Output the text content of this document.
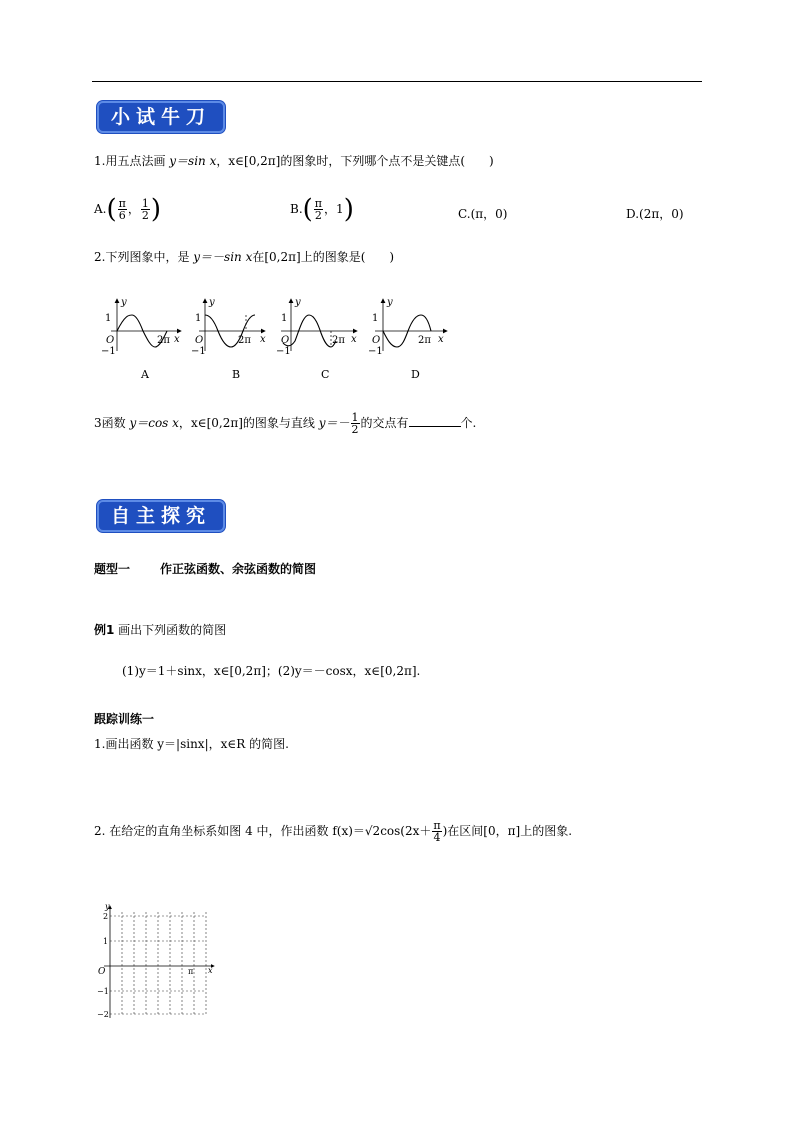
小试牛刀
1.用五点法画 y＝sin x，x∈[0,2π]的图象时，下列哪个点不是关键点(　　)
$A.( \frac{\pi}{6}$ ， $\frac{1}{2}$ )	$B.( \frac{\pi}{2}$ ，1)	C.(π，0)	D.(2π，0)
2.下列图象中，是 y＝－sin x在[0,2π]上的图象是(　　)
y
1
O
−1
2π x
A
y
1
O
−1
2π x
B
y
1
O
−1
2π x
C
y
1
O
−1
2π x
D
3函数 y＝cos x，x∈[0,2π]的图象与直线 $y=- \frac{1}{2}$ 的交点有	个.
自主探究
题型一	作正弦函数、余弦函数的简图
例1 画出下列函数的简图
(1)y＝1＋sinx，x∈[0,2π]；(2)y＝－cosx，x∈[0,2π].
跟踪训练一
1.画出函数 y＝|sinx|，x∈R 的简图.
2. 在给定的直角坐标系如图 4 中，作出函数 $f(x)=√2\cos(2x+ \frac{\pi}{4}$ )在区间[0，π]上的图象.
y
x
2
1
O
−1
−2
π
